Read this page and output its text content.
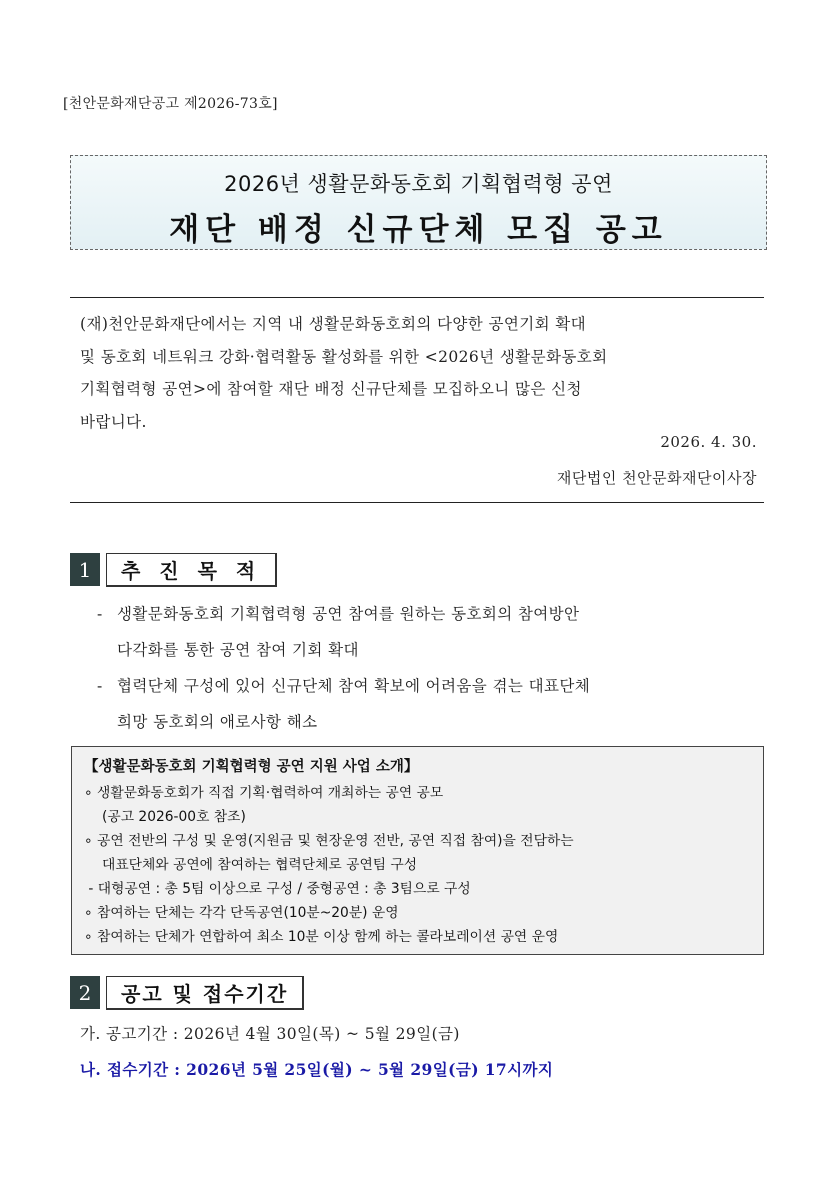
[천안문화재단공고 제2026-73호]
2026년 생활문화동호회 기획협력형 공연
재단 배정 신규단체 모집 공고
(재)천안문화재단에서는 지역 내 생활문화동호회의 다양한 공연기회 확대
및 동호회 네트워크 강화·협력활동 활성화를 위한 <2026년 생활문화동호회
기획협력형 공연>에 참여할 재단 배정 신규단체를 모집하오니 많은 신청
바랍니다.
2026. 4. 30.
재단법인 천안문화재단이사장
1	추 진 목 적
- 생활문화동호회 기획협력형 공연 참여를 원하는 동호회의 참여방안
다각화를 통한 공연 참여 기회 확대
- 협력단체 구성에 있어 신규단체 참여 확보에 어려움을 겪는 대표단체
희망 동호회의 애로사항 해소
【생활문화동호회 기획협력형 공연 지원 사업 소개】
∘ 생활문화동호회가 직접 기획·협력하여 개최하는 공연 공모
(공고 2026-00호 참조)
∘ 공연 전반의 구성 및 운영(지원금 및 현장운영 전반, 공연 직접 참여)을 전담하는
대표단체와 공연에 참여하는 협력단체로 공연팀 구성
- 대형공연 : 총 5팀 이상으로 구성 / 중형공연 : 총 3팀으로 구성
∘ 참여하는 단체는 각각 단독공연(10분~20분) 운영
∘ 참여하는 단체가 연합하여 최소 10분 이상 함께 하는 콜라보레이션 공연 운영
2	공고 및 접수기간
가. 공고기간 : 2026년 4월 30일(목) ~ 5월 29일(금)
나. 접수기간 : 2026년 5월 25일(월) ~ 5월 29일(금) 17시까지
